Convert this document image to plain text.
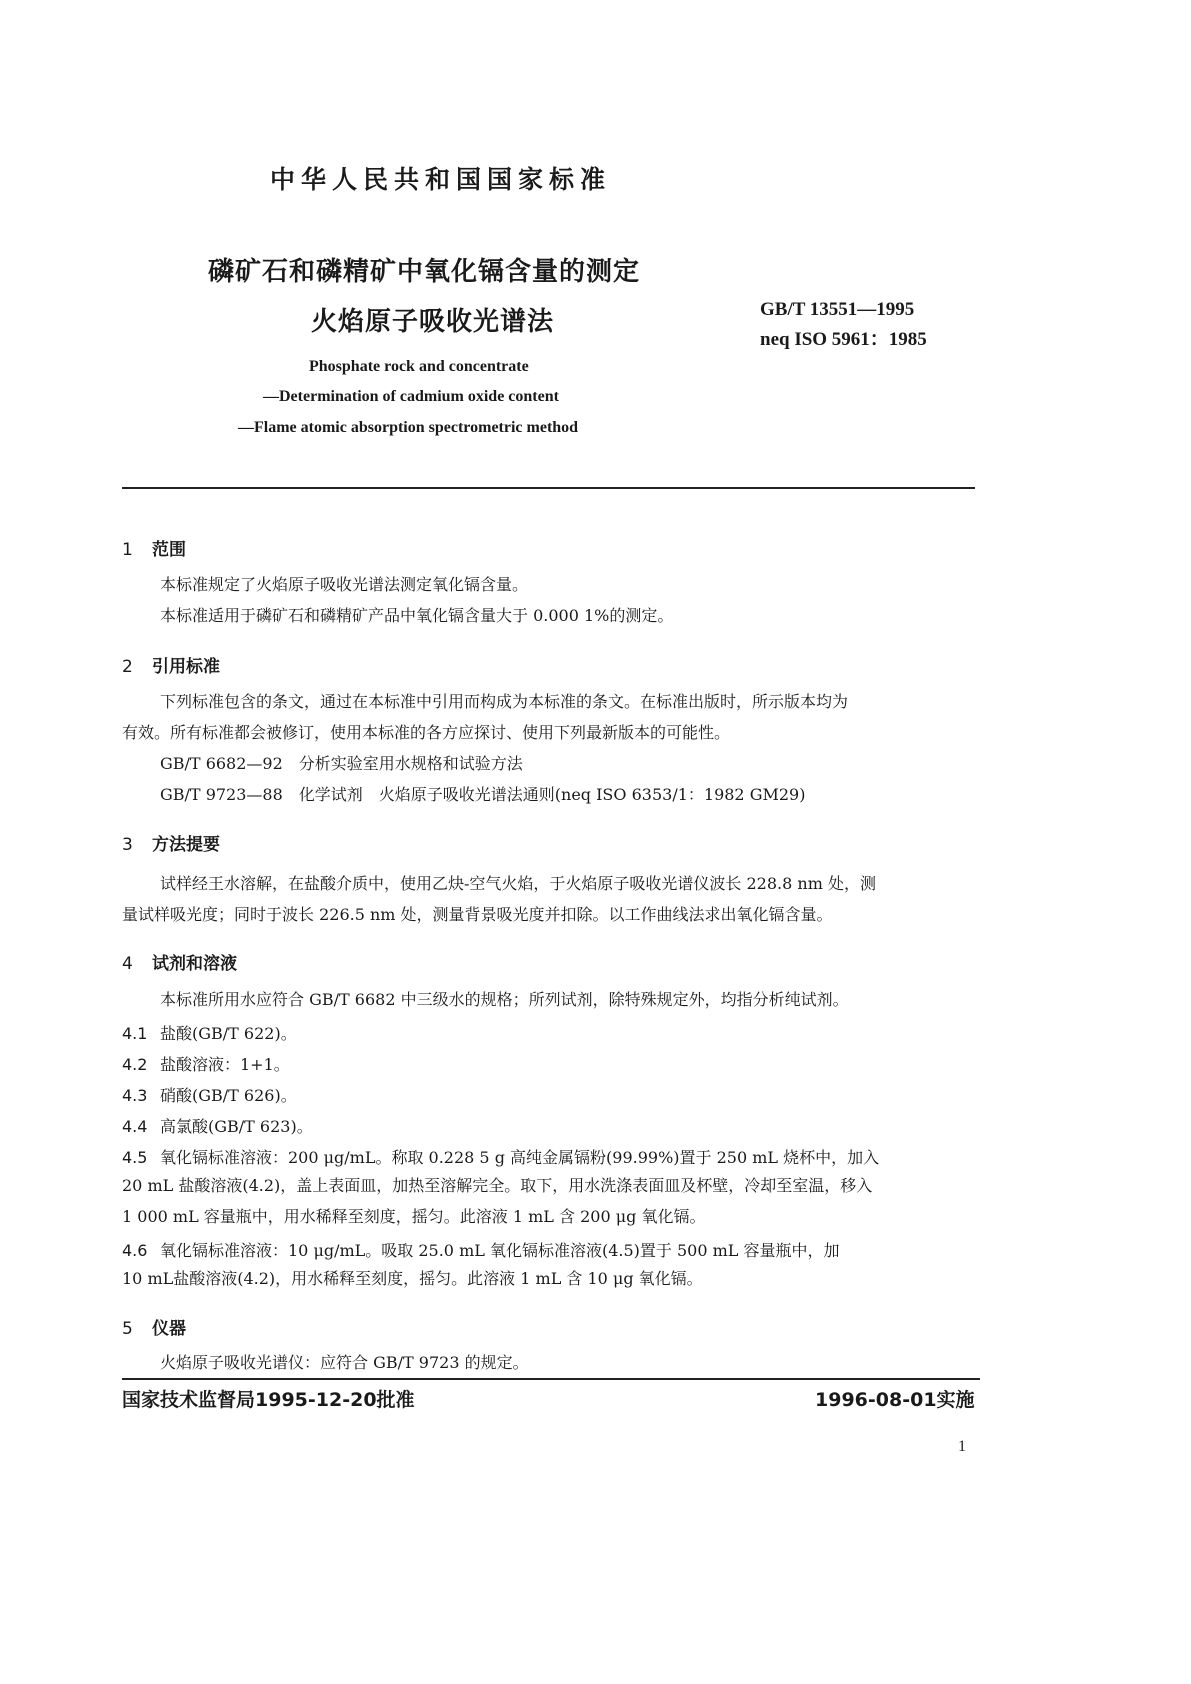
中华人民共和国国家标准
磷矿石和磷精矿中氧化镉含量的测定
火焰原子吸收光谱法	GB/T 13551—1995
neq ISO 5961：1985
Phosphate rock and concentrate
—Determination of cadmium oxide content
—Flame atomic absorption spectrometric method
1 范围
本标准规定了火焰原子吸收光谱法测定氧化镉含量。
本标准适用于磷矿石和磷精矿产品中氧化镉含量大于 0.000 1%的测定。
2 引用标准
下列标准包含的条文，通过在本标准中引用而构成为本标准的条文。在标准出版时，所示版本均为
有效。所有标准都会被修订，使用本标准的各方应探讨、使用下列最新版本的可能性。
GB/T 6682—92　分析实验室用水规格和试验方法
GB/T 9723—88　化学试剂　火焰原子吸收光谱法通则(neq ISO 6353/1：1982 GM29)
3 方法提要
试样经王水溶解，在盐酸介质中，使用乙炔-空气火焰，于火焰原子吸收光谱仪波长 228.8 nm 处，测
量试样吸光度；同时于波长 226.5 nm 处，测量背景吸光度并扣除。以工作曲线法求出氧化镉含量。
4 试剂和溶液
本标准所用水应符合 GB/T 6682 中三级水的规格；所列试剂，除特殊规定外，均指分析纯试剂。
4.1 盐酸(GB/T 622)。
4.2 盐酸溶液：1+1。
4.3 硝酸(GB/T 626)。
4.4 高氯酸(GB/T 623)。
4.5 氧化镉标准溶液：200 μg/mL。称取 0.228 5 g 高纯金属镉粉(99.99%)置于 250 mL 烧杯中，加入
20 mL 盐酸溶液(4.2)，盖上表面皿，加热至溶解完全。取下，用水洗涤表面皿及杯壁，冷却至室温，移入
1 000 mL 容量瓶中，用水稀释至刻度，摇匀。此溶液 1 mL 含 200 μg 氧化镉。
4.6 氧化镉标准溶液：10 μg/mL。吸取 25.0 mL 氧化镉标准溶液(4.5)置于 500 mL 容量瓶中，加
10 mL盐酸溶液(4.2)，用水稀释至刻度，摇匀。此溶液 1 mL 含 10 μg 氧化镉。
5 仪器
火焰原子吸收光谱仪：应符合 GB/T 9723 的规定。
国家技术监督局1995-12-20批准	1996-08-01实施
1
